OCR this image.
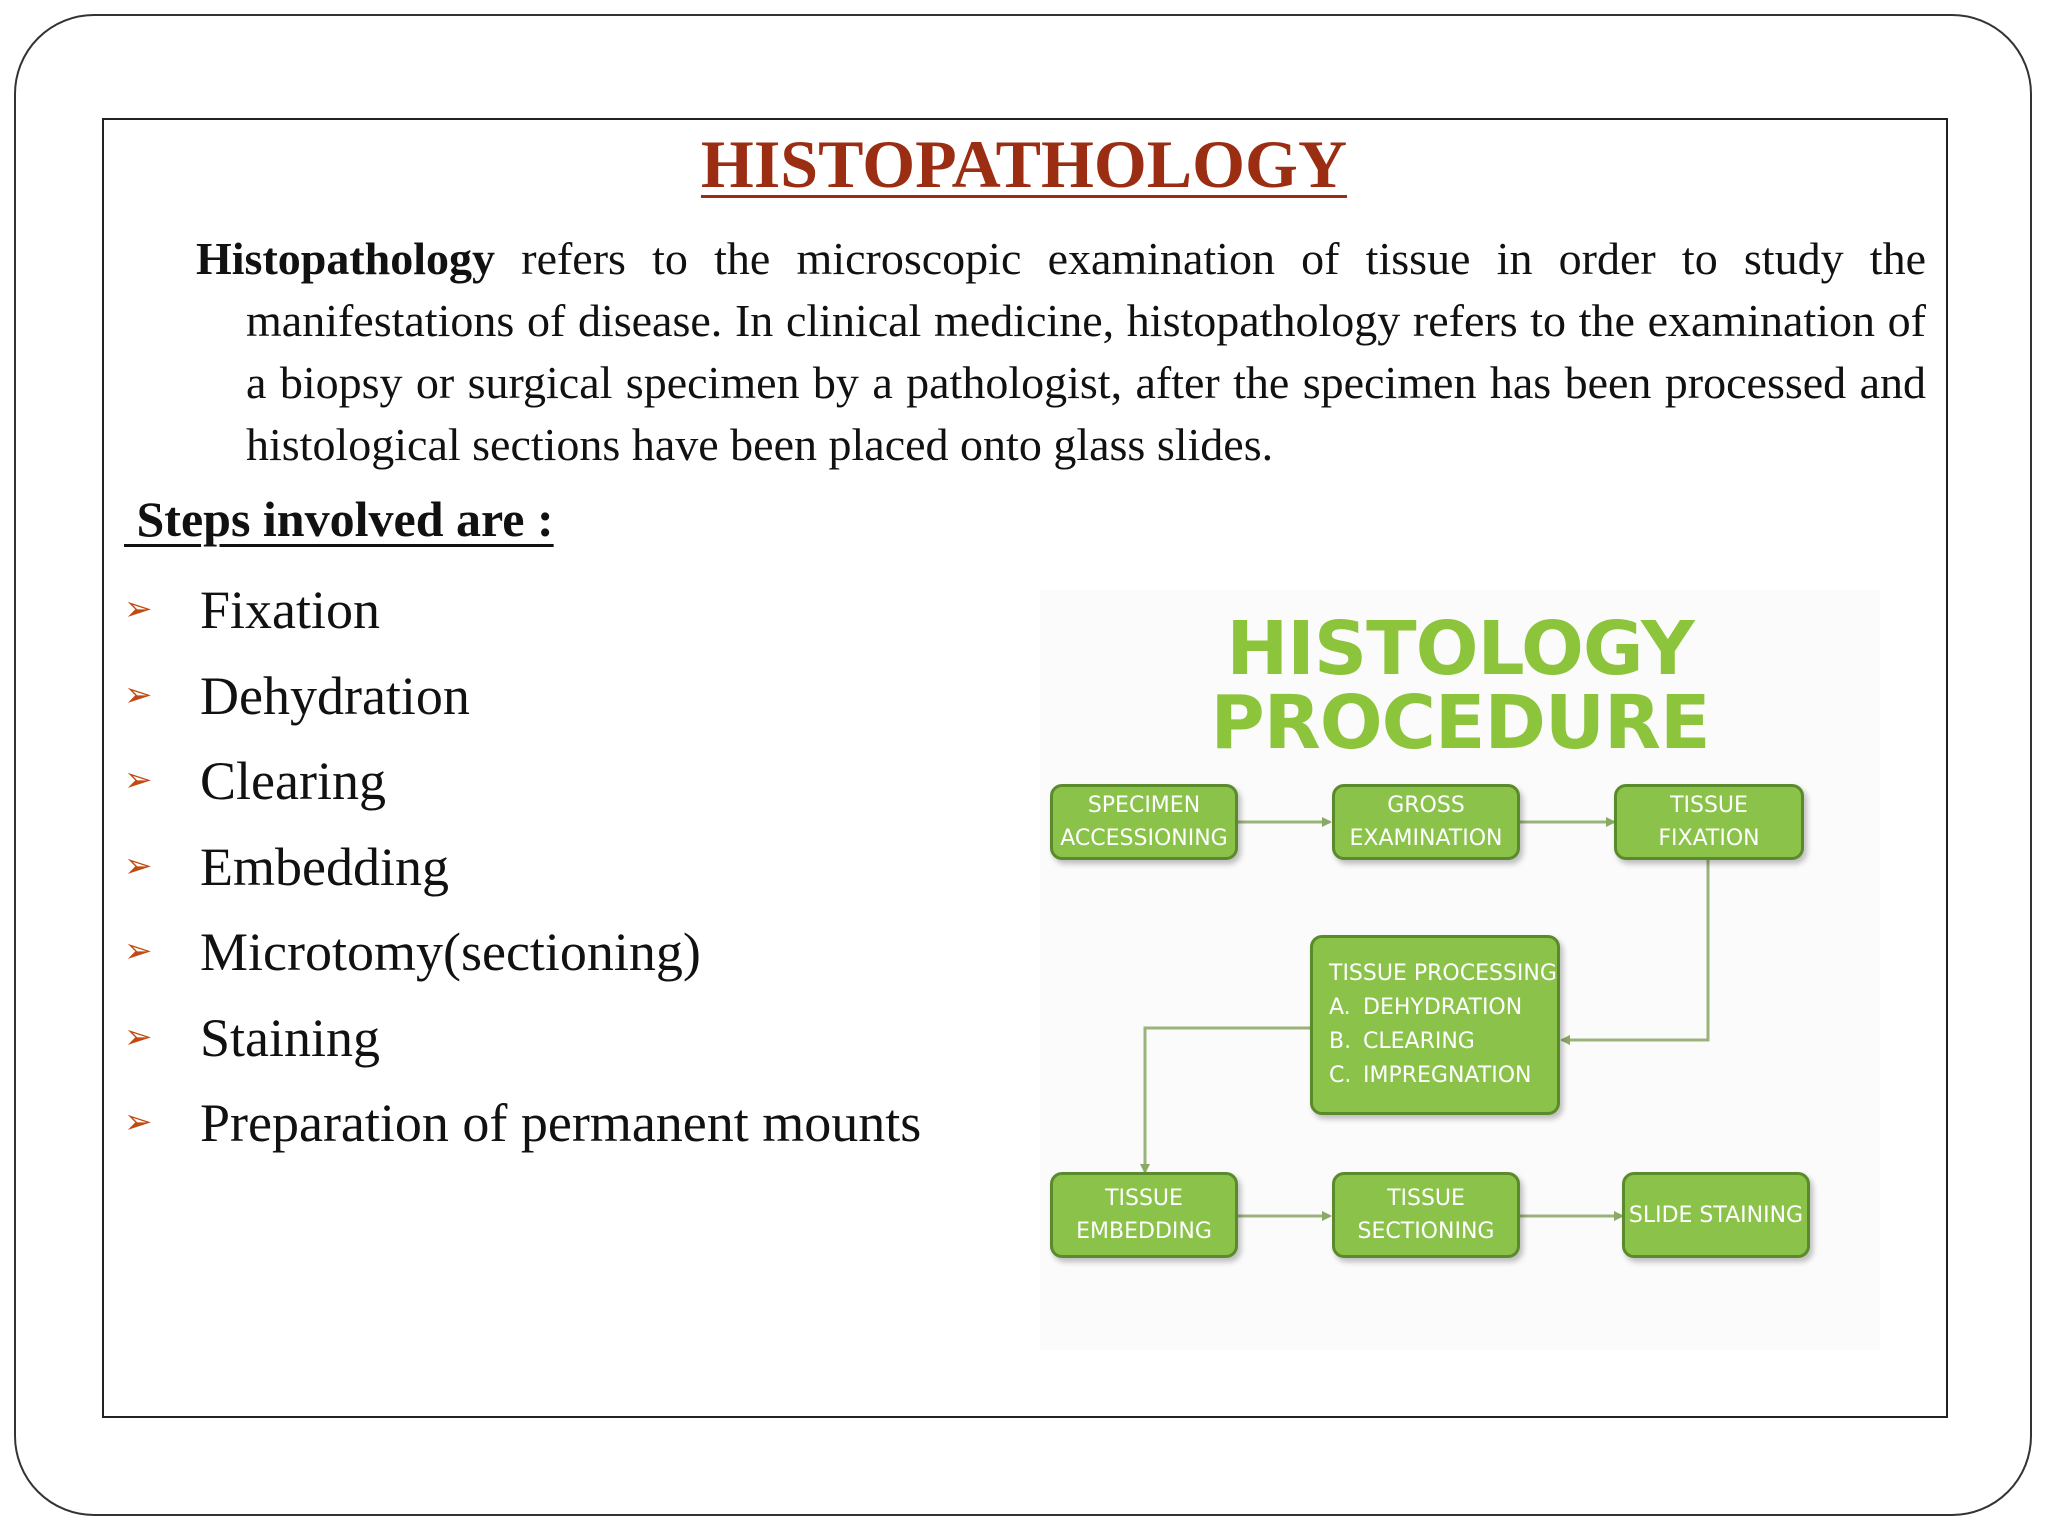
HISTOPATHOLOGY
Histopathology refers to the microscopic examination of tissue in order to study the manifestations of disease. In clinical medicine, histopathology refers to the examination of a biopsy or surgical specimen by a pathologist, after the specimen has been processed and histological sections have been placed onto glass slides.
Steps involved are :
➢ Fixation
➢ Dehydration
➢ Clearing
➢ Embedding
➢ Microtomy(sectioning)
➢ Staining
➢ Preparation of permanent mounts
HISTOLOGY PROCEDURE
SPECIMEN
ACCESSIONING
GROSS
EXAMINATION
TISSUE FIXATION
TISSUE PROCESSING
A. DEHYDRATION
B. CLEARING
C. IMPREGNATION
TISSUE
EMBEDDING
TISSUE
SECTIONING
SLIDE STAINING
